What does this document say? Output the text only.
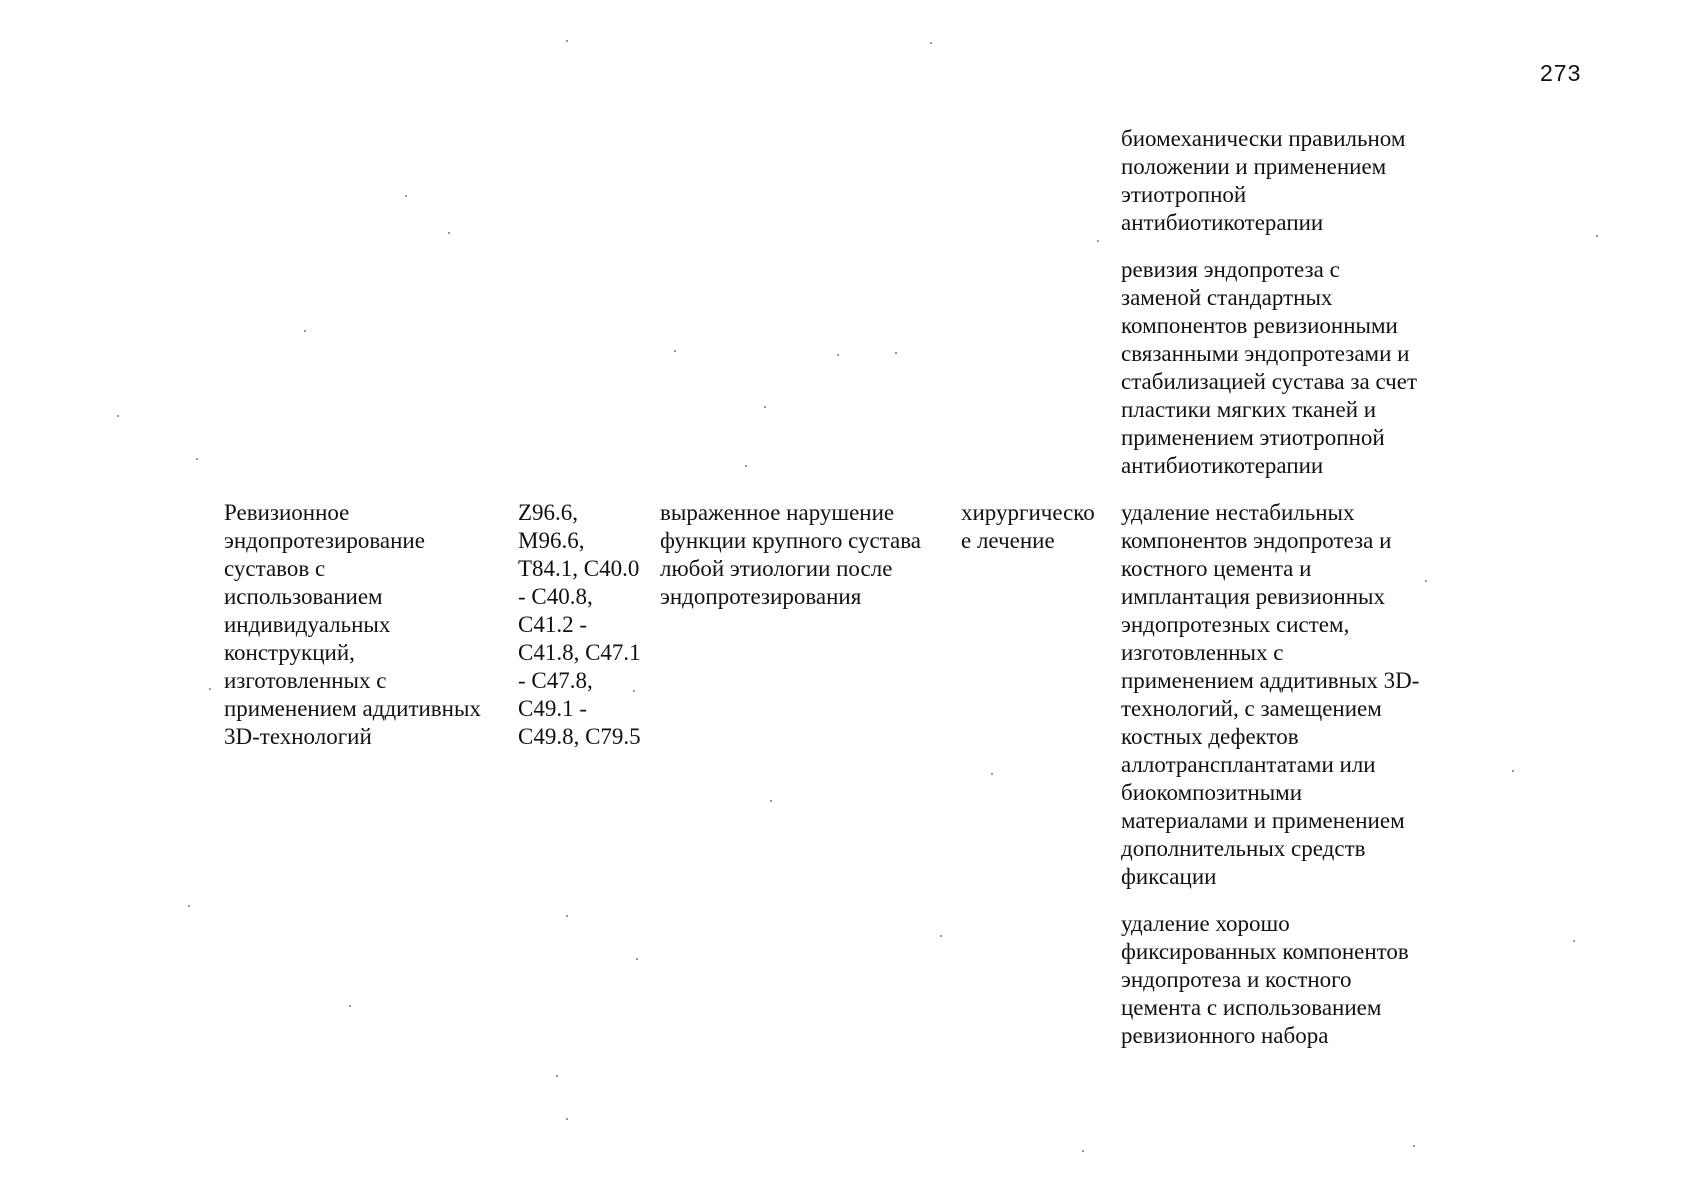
273
Ревизионное
эндопротезирование
суставов с
использованием
индивидуальных
конструкций,
изготовленных с
применением аддитивных
3D-технологий
Z96.6,
M96.6,
T84.1, C40.0
- C40.8,
C41.2 -
C41.8, C47.1
- C47.8,
C49.1 -
C49.8, C79.5
выраженное нарушение
функции крупного сустава
любой этиологии после
эндопротезирования
хирургическо
е лечение
биомеханически правильном
положении и применением
этиотропной
антибиотикотерапии
ревизия эндопротеза с
заменой стандартных
компонентов ревизионными
связанными эндопротезами и
стабилизацией сустава за счет
пластики мягких тканей и
применением этиотропной
антибиотикотерапии
удаление нестабильных
компонентов эндопротеза и
костного цемента и
имплантация ревизионных
эндопротезных систем,
изготовленных с
применением аддитивных 3D-
технологий, с замещением
костных дефектов
аллотрансплантатами или
биокомпозитными
материалами и применением
дополнительных средств
фиксации
удаление хорошо
фиксированных компонентов
эндопротеза и костного
цемента с использованием
ревизионного набора
